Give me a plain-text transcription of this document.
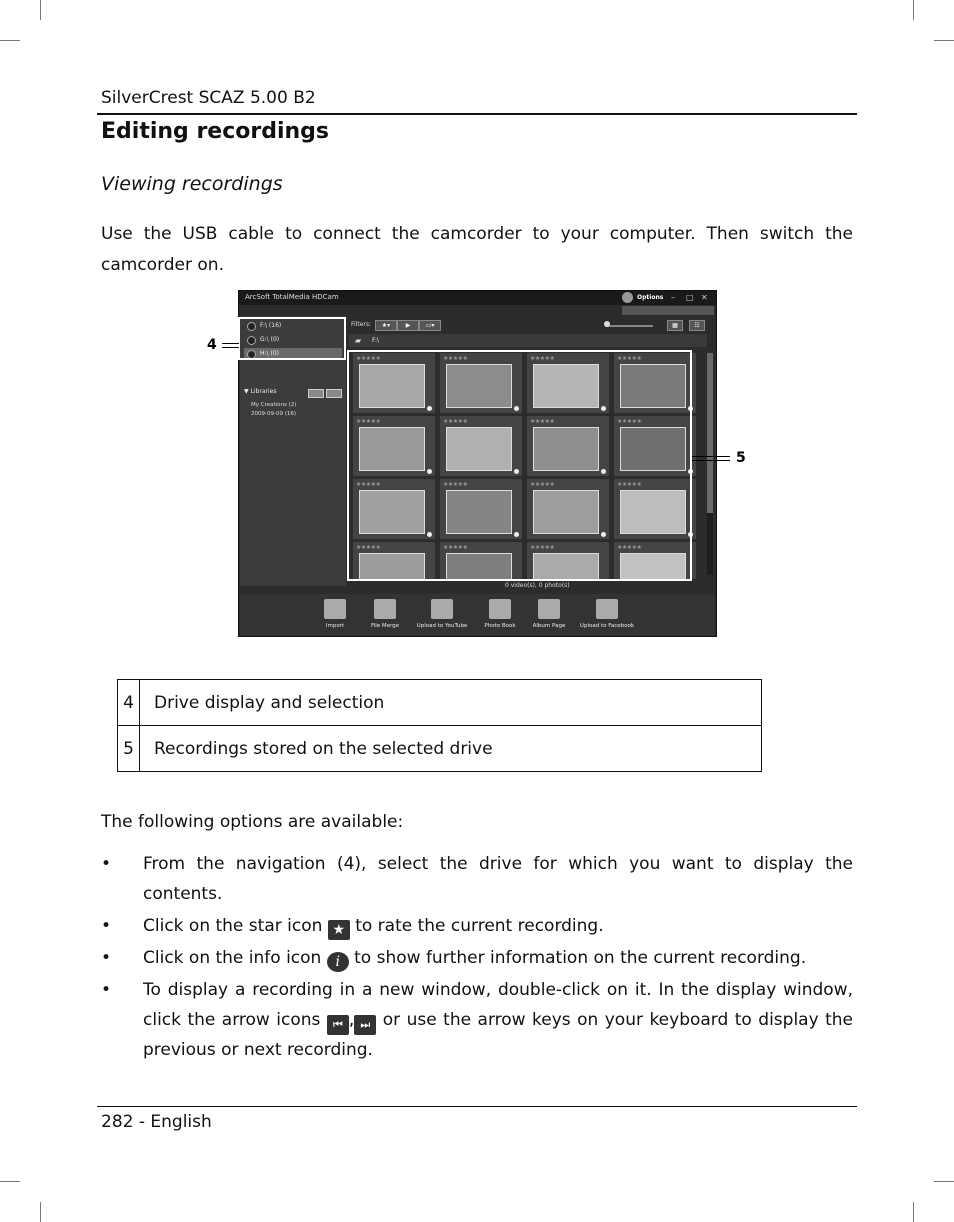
SilverCrest SCAZ 5.00 B2
Editing recordings
Viewing recordings
Use the USB cable to connect the camcorder to your computer. Then switch the camcorder on.
ArcSoft TotalMedia HDCam	Options – □ ✕
F:\ (16)
G:\ (0)
H:\ (0)
▼ Libraries
My Creations (2)
2009-09-09 (16)
Filters:	★▾	▶	▭▾	▦	☷
▰ F:\
★★★★★	★★★★★	★★★★★	★★★★★
★★★★★	★★★★★	★★★★★	★★★★★
★★★★★	★★★★★	★★★★★	★★★★★
★★★★★	★★★★★	★★★★★	★★★★★
0 video(s), 0 photo(s)
Import	File Merge	Upload to YouTube	Photo Book	Album Page	Upload to Facebook
4
5
4	Drive display and selection
5	Recordings stored on the selected drive
The following options are available:
• From the navigation (4), select the drive for which you want to display the contents.
• Click on the star icon ★ to rate the current recording.
• Click on the info icon i to show further information on the current recording.
• To display a recording in a new window, double-click on it. In the display window, click the arrow icons ⏮ , ⏭ or use the arrow keys on your keyboard to display the previous or next recording.
282 - English
